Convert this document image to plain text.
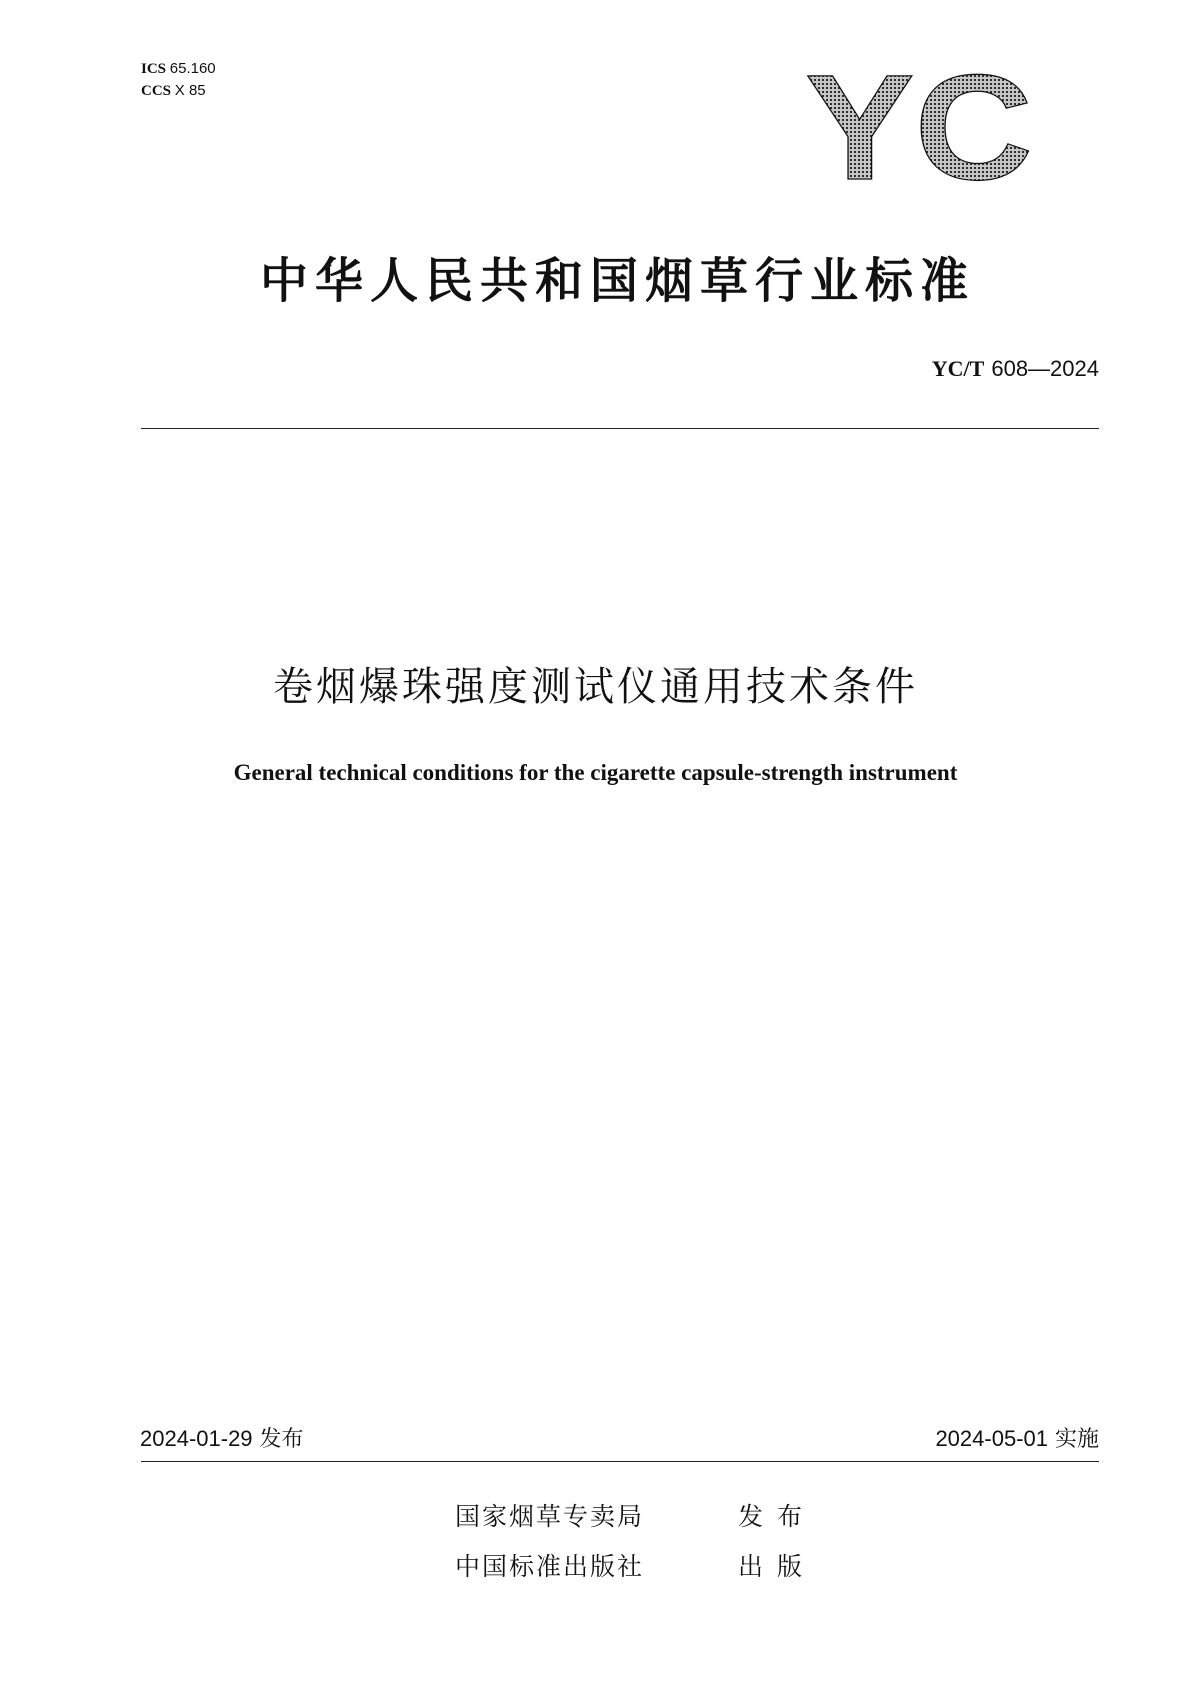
ICS 65.160
CCS X 85	YC
中华人民共和国烟草行业标准
YC/T 608—2024
卷烟爆珠强度测试仪通用技术条件
General technical conditions for the cigarette capsule-strength instrument
2024-01-29 发布	2024-05-01 实施
国家烟草专卖局	发布
中国标准出版社	出版
